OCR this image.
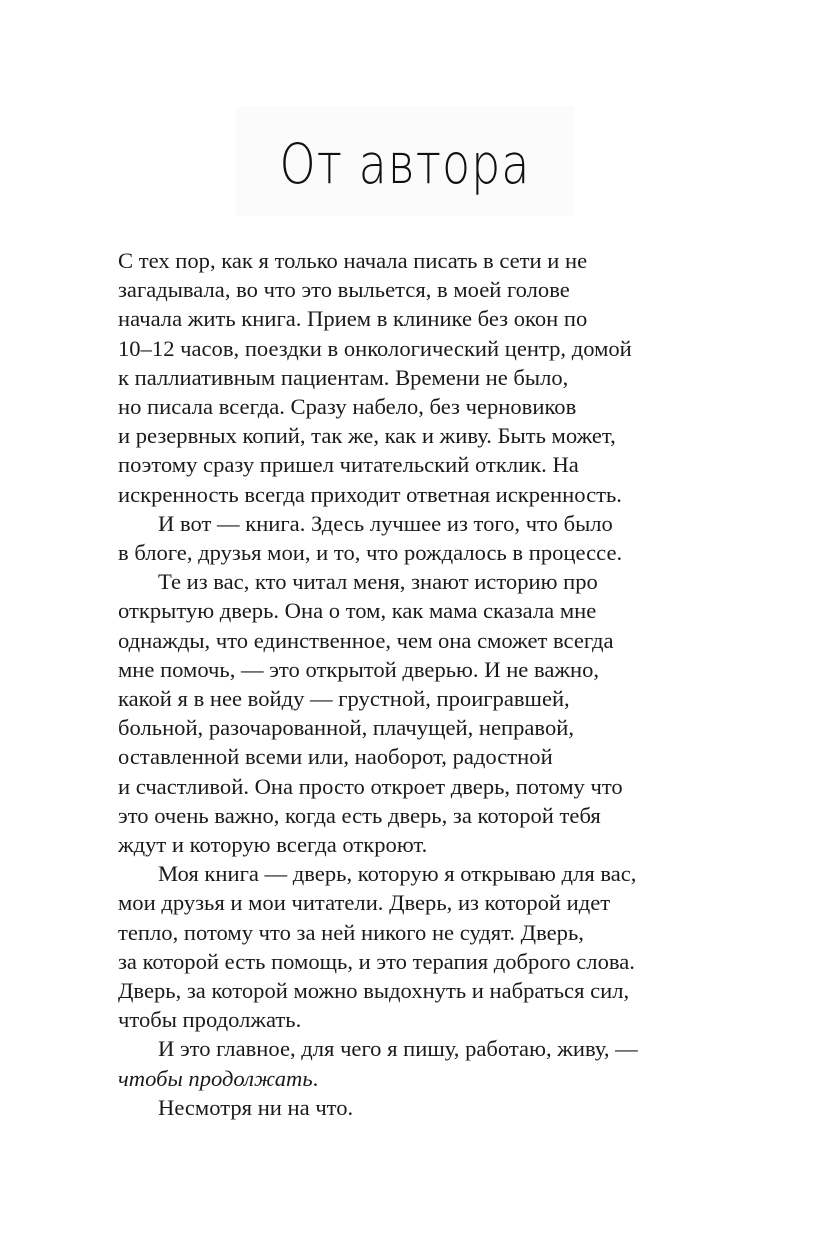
От автора
С тех пор, как я только начала писать в сети и не
загадывала, во что это выльется, в моей голове
начала жить книга. Прием в клинике без окон по
10–12 часов, поездки в онкологический центр, домой
к паллиативным пациентам. Времени не было,
но писала всегда. Сразу набело, без черновиков
и резервных копий, так же, как и живу. Быть может,
поэтому сразу пришел читательский отклик. На
искренность всегда приходит ответная искренность.
И вот — книга. Здесь лучшее из того, что было
в блоге, друзья мои, и то, что рождалось в процессе.
Те из вас, кто читал меня, знают историю про
открытую дверь. Она о том, как мама сказала мне
однажды, что единственное, чем она сможет всегда
мне помочь, — это открытой дверью. И не важно,
какой я в нее войду — грустной, проигравшей,
больной, разочарованной, плачущей, неправой,
оставленной всеми или, наоборот, радостной
и счастливой. Она просто откроет дверь, потому что
это очень важно, когда есть дверь, за которой тебя
ждут и которую всегда откроют.
Моя книга — дверь, которую я открываю для вас,
мои друзья и мои читатели. Дверь, из которой идет
тепло, потому что за ней никого не судят. Дверь,
за которой есть помощь, и это терапия доброго слова.
Дверь, за которой можно выдохнуть и набраться сил,
чтобы продолжать.
И это главное, для чего я пишу, работаю, живу, —
чтобы продолжать.
Несмотря ни на что.
